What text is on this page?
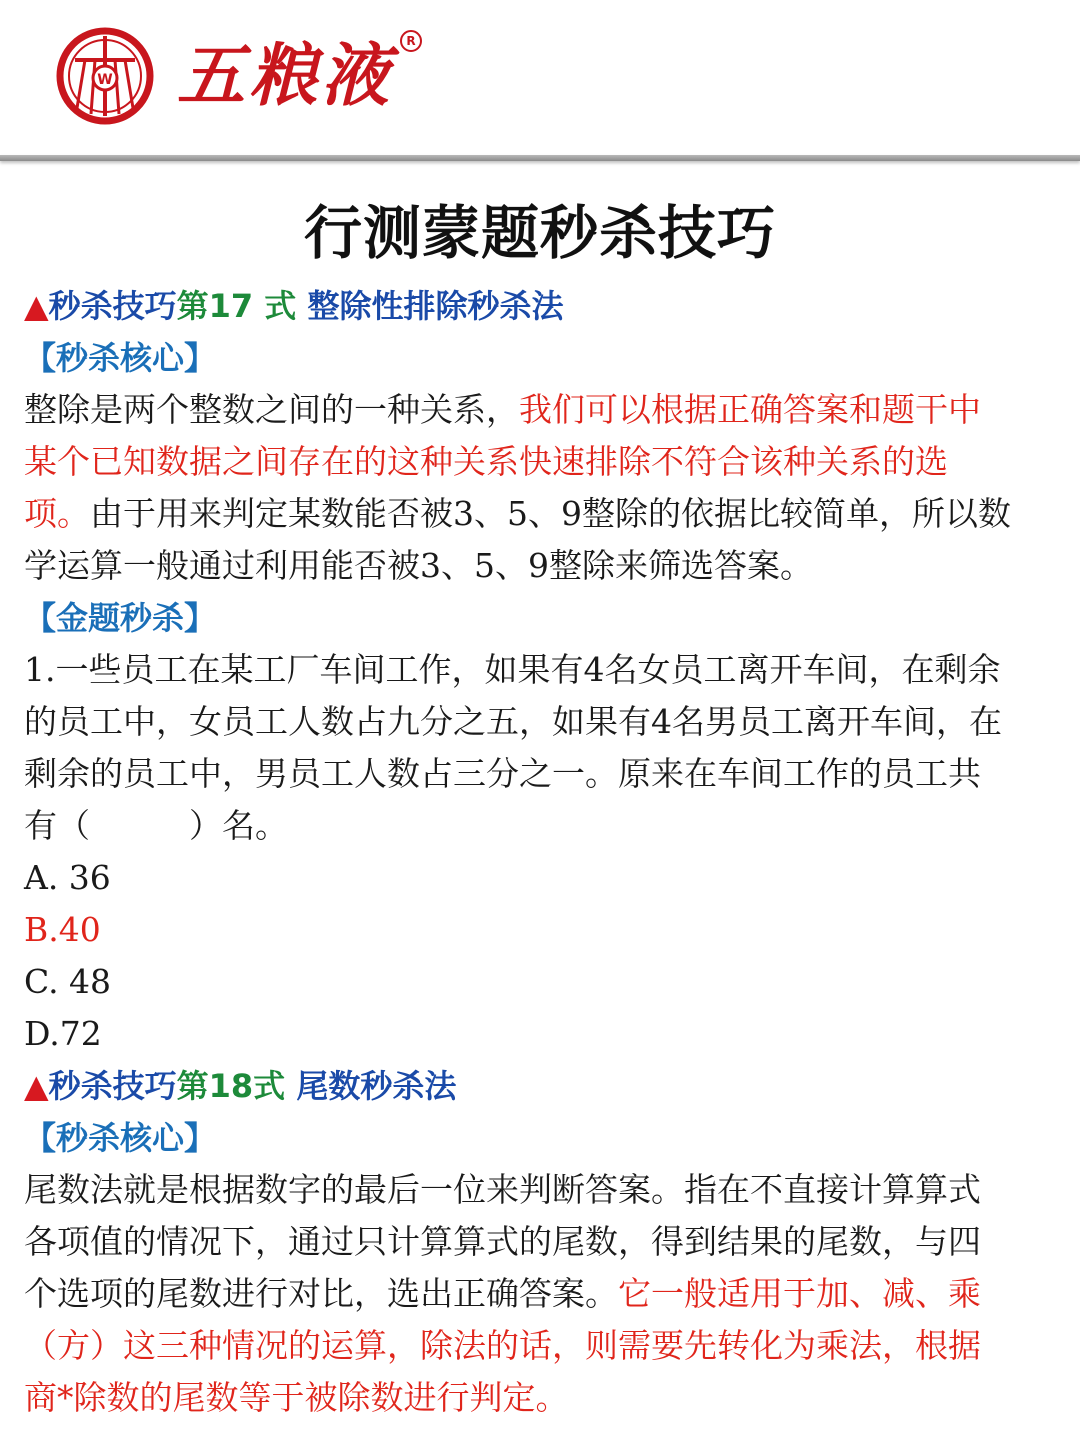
W 五粮液	R
行测蒙题秒杀技巧
▲秒杀技巧第17 式 整除性排除秒杀法
【秒杀核心】
整除是两个整数之间的一种关系，我们可以根据正确答案和题干中
某个已知数据之间存在的这种关系快速排除不符合该种关系的选
项。由于用来判定某数能否被3、5、9整除的依据比较简单，所以数
学运算一般通过利用能否被3、5、9整除来筛选答案。
【金题秒杀】
1.一些员工在某工厂车间工作，如果有4名女员工离开车间，在剩余
的员工中，女员工人数占九分之五，如果有4名男员工离开车间，在
剩余的员工中，男员工人数占三分之一。原来在车间工作的员工共
有（　　　）名。
A. 36
B.40
C. 48
D.72
▲秒杀技巧第18式 尾数秒杀法
【秒杀核心】
尾数法就是根据数字的最后一位来判断答案。指在不直接计算算式
各项值的情况下，通过只计算算式的尾数，得到结果的尾数，与四
个选项的尾数进行对比，选出正确答案。它一般适用于加、减、乘
（方）这三种情况的运算，除法的话，则需要先转化为乘法，根据
商*除数的尾数等于被除数进行判定。
